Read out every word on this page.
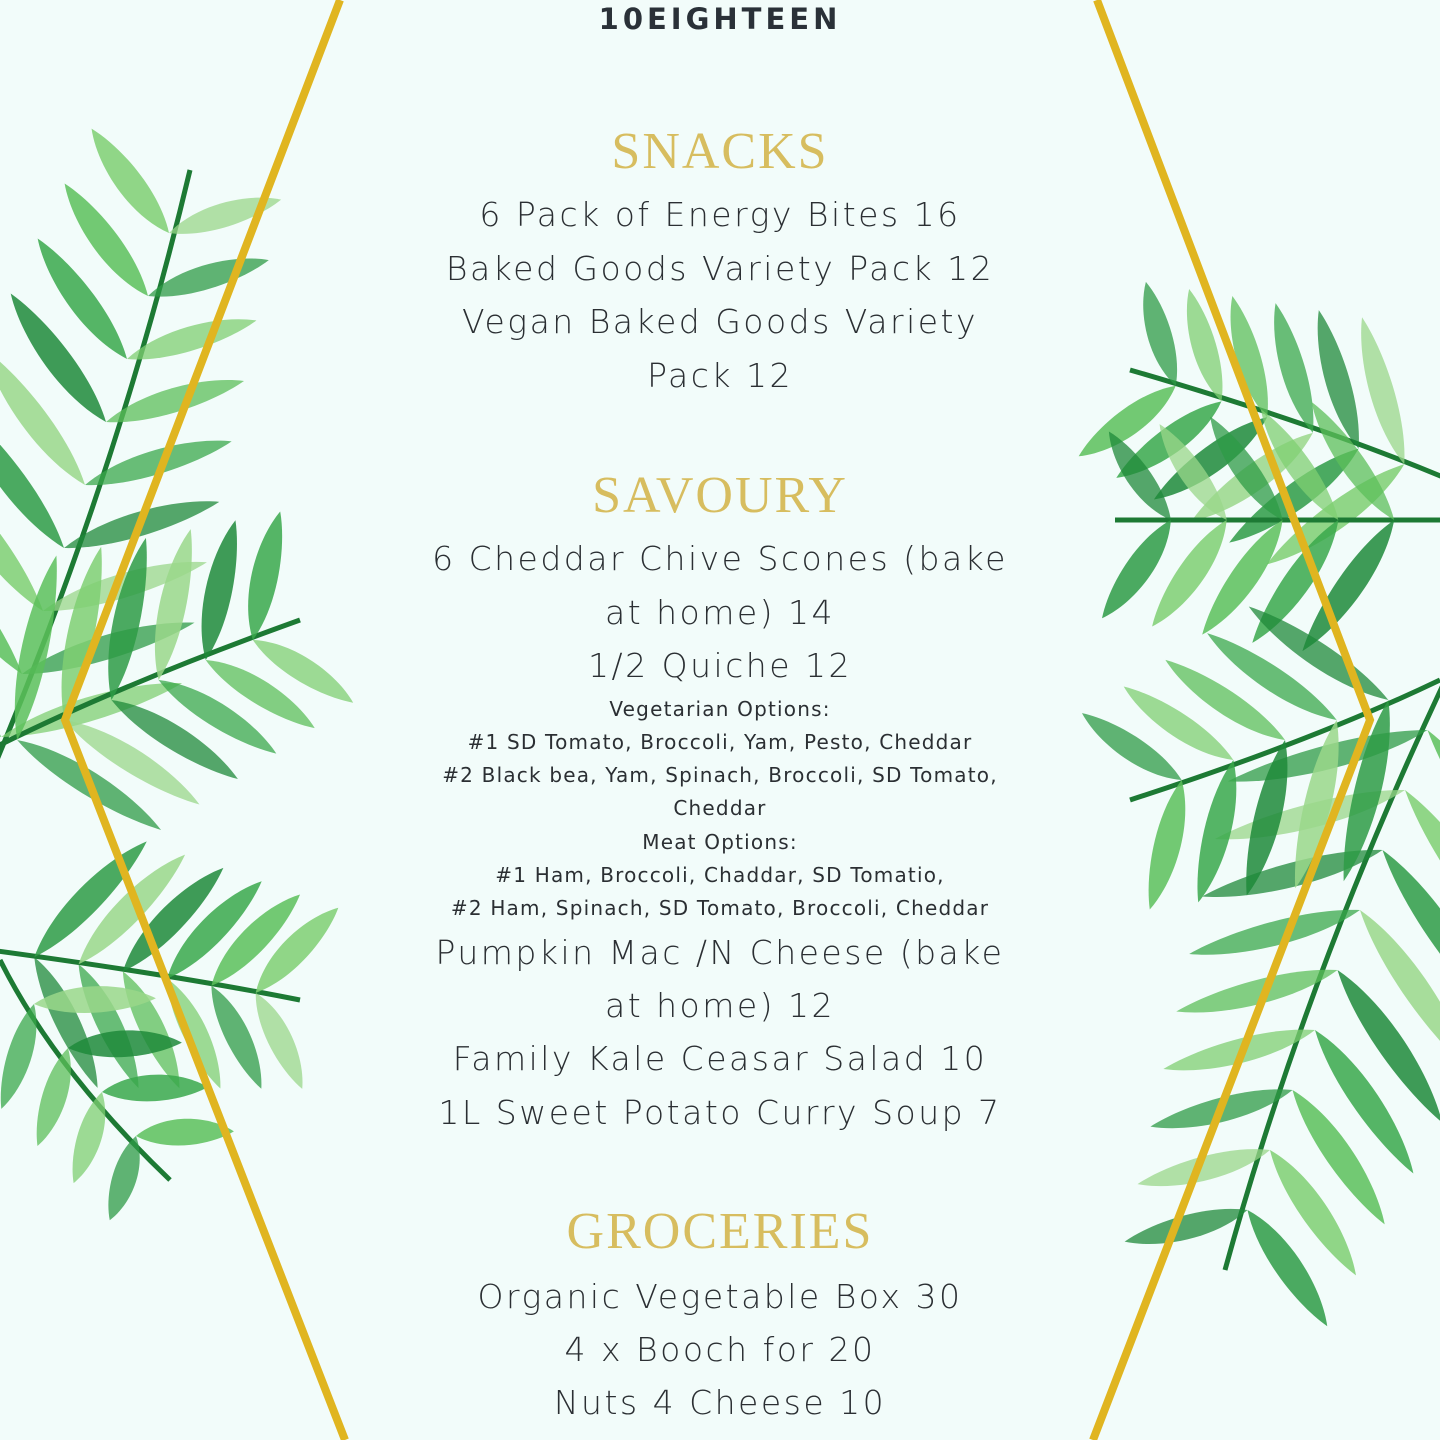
10EIGHTEEN
SNACKS
6 Pack of Energy Bites 16
Baked Goods Variety Pack 12
Vegan Baked Goods Variety
Pack 12
SAVOURY
6 Cheddar Chive Scones (bake
at home) 14
1/2 Quiche 12
Vegetarian Options:
#1 SD Tomato, Broccoli, Yam, Pesto, Cheddar
#2 Black bea, Yam, Spinach, Broccoli, SD Tomato,
Cheddar
Meat Options:
#1 Ham, Broccoli, Chaddar, SD Tomatio,
#2 Ham, Spinach, SD Tomato, Broccoli, Cheddar
Pumpkin Mac /N Cheese (bake
at home) 12
Family Kale Ceasar Salad 10
1L Sweet Potato Curry Soup 7
GROCERIES
Organic Vegetable Box 30
4 x Booch for 20
Nuts 4 Cheese 10
